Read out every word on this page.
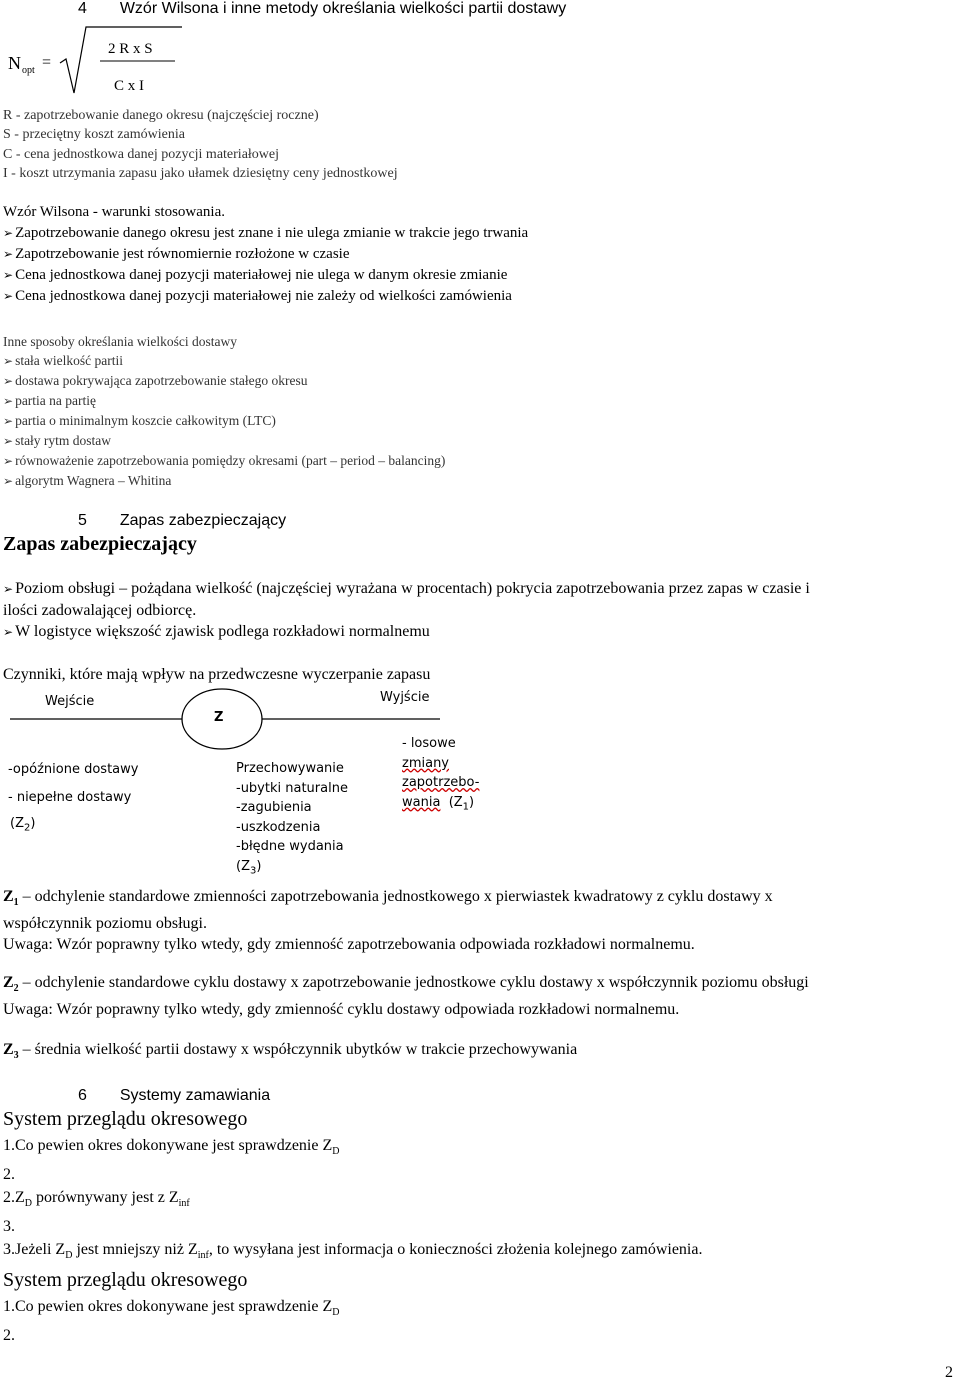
4 Wzór Wilsona i inne metody określania wielkości partii dostawy
N opt =
2 R x S
C x I
R - zapotrzebowanie danego okresu (najczęściej roczne)
S - przeciętny koszt zamówienia
C - cena jednostkowa danej pozycji materiałowej
I - koszt utrzymania zapasu jako ułamek dziesiętny ceny jednostkowej
Wzór Wilsona - warunki stosowania.
➢ Zapotrzebowanie danego okresu jest znane i nie ulega zmianie w trakcie jego trwania
➢ Zapotrzebowanie jest równomiernie rozłożone w czasie
➢ Cena jednostkowa danej pozycji materiałowej nie ulega w danym okresie zmianie
➢ Cena jednostkowa danej pozycji materiałowej nie zależy od wielkości zamówienia
Inne sposoby określania wielkości dostawy
➢ stała wielkość partii
➢ dostawa pokrywająca zapotrzebowanie stałego okresu
➢ partia na partię
➢ partia o minimalnym koszcie całkowitym (LTC)
➢ stały rytm dostaw
➢ równoważenie zapotrzebowania pomiędzy okresami (part – period – balancing)
➢ algorytm Wagnera – Whitina
5 Zapas zabezpieczający
Zapas zabezpieczający
➢ Poziom obsługi – pożądana wielkość (najczęściej wyrażana w procentach) pokrycia zapotrzebowania przez zapas w czasie i
ilości zadowalającej odbiorcę.
➢ W logistyce większość zjawisk podlega rozkładowi normalnemu
Czynniki, które mają wpływ na przedwczesne wyczerpanie zapasu
Wejście
Z
Wyjście
-opóźnione dostawy
- niepełne dostawy
$(Z_2)$
Przechowywanie
-ubytki naturalne
-zagubienia
-uszkodzenia
-błędne wydania
$(Z_3)$
- losowe
zmiany
zapotrzebo-
wania $(Z_1)$
$Z_1$ – odchylenie standardowe zmienności zapotrzebowania jednostkowego x pierwiastek kwadratowy z cyklu dostawy x
współczynnik poziomu obsługi.
Uwaga: Wzór poprawny tylko wtedy, gdy zmienność zapotrzebowania odpowiada rozkładowi normalnemu.
$Z_2$ – odchylenie standardowe cyklu dostawy x zapotrzebowanie jednostkowe cyklu dostawy x współczynnik poziomu obsługi
Uwaga: Wzór poprawny tylko wtedy, gdy zmienność cyklu dostawy odpowiada rozkładowi normalnemu.
$Z_3$ – średnia wielkość partii dostawy x współczynnik ubytków w trakcie przechowywania
6 Systemy zamawiania
System przeglądu okresowego
1.Co pewien okres dokonywane jest sprawdzenie $Z_D$
2.
$2.Z_D$ porównywany jest z $Z_{inf}$
3.
3.Jeżeli $Z_D$ jest mniejszy niż $Z_{inf}$, to wysyłana jest informacja o konieczności złożenia kolejnego zamówienia.
System przeglądu okresowego
1.Co pewien okres dokonywane jest sprawdzenie $Z_D$
2.
2
